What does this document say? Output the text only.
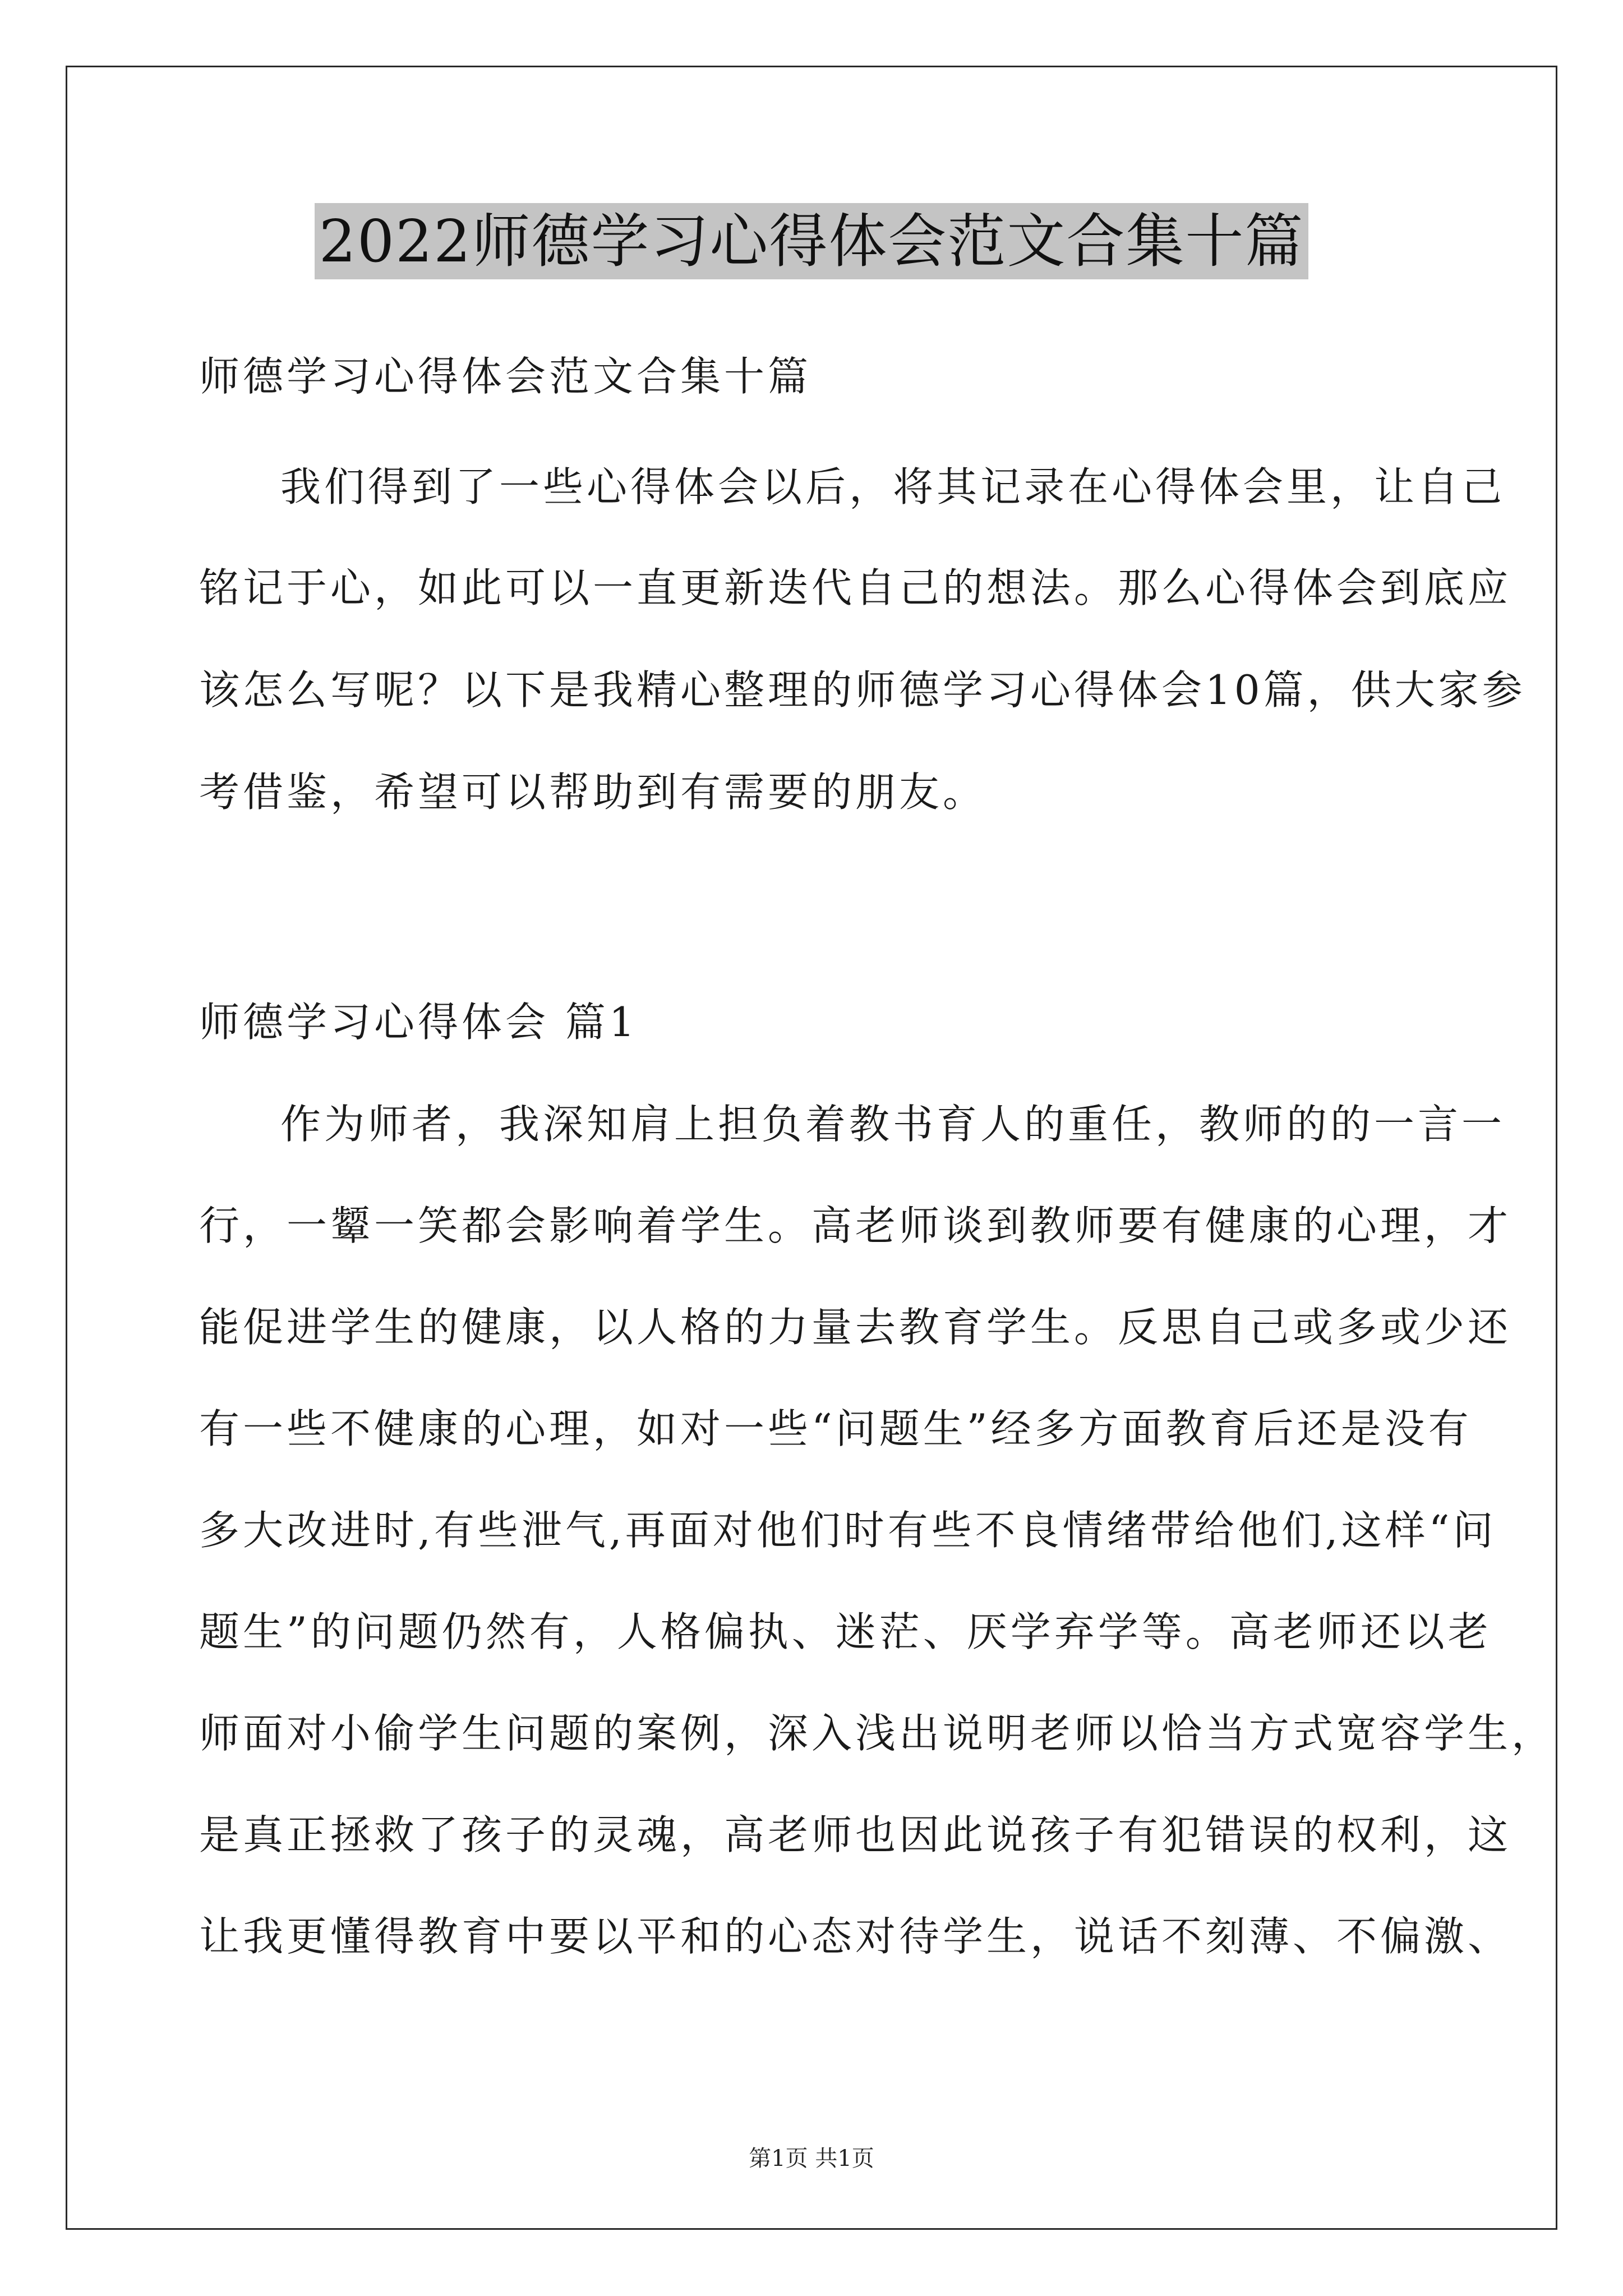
2022师德学习心得体会范文合集十篇

师德学习心得体会范文合集十篇

我们得到了一些心得体会以后，将其记录在心得体会里，让自己

铭记于心，如此可以一直更新迭代自己的想法。那么心得体会到底应

该怎么写呢？以下是我精心整理的师德学习心得体会10篇，供大家参

考借鉴，希望可以帮助到有需要的朋友。

师德学习心得体会 篇1

作为师者，我深知肩上担负着教书育人的重任，教师的的一言一

行，一颦一笑都会影响着学生。高老师谈到教师要有健康的心理，才

能促进学生的健康，以人格的力量去教育学生。反思自己或多或少还

有一些不健康的心理，如对一些“问题生”经多方面教育后还是没有

多大改进时,有些泄气,再面对他们时有些不良情绪带给他们,这样“问

题生”的问题仍然有，人格偏执、迷茫、厌学弃学等。高老师还以老

师面对小偷学生问题的案例，深入浅出说明老师以恰当方式宽容学生，

是真正拯救了孩子的灵魂，高老师也因此说孩子有犯错误的权利，这

让我更懂得教育中要以平和的心态对待学生，说话不刻薄、不偏激、

第1页 共1页
